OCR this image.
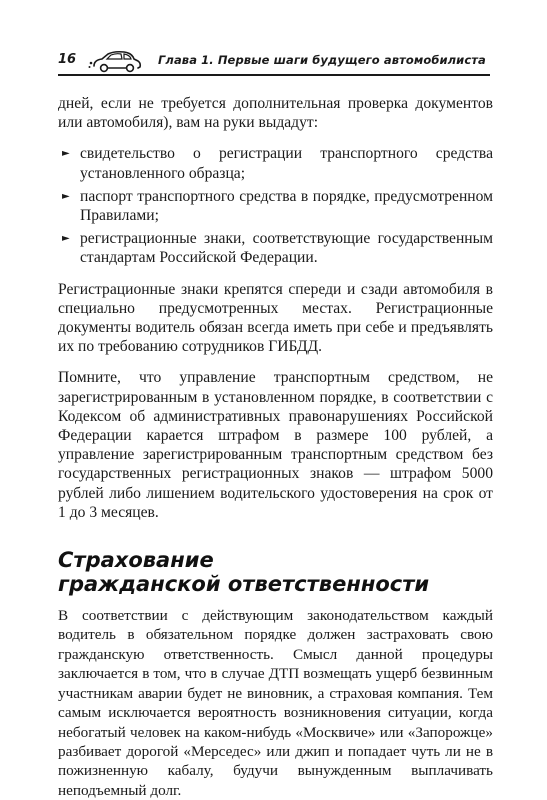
16	Глава 1. Первые шаги будущего автомобилиста

дней, если не требуется дополнительная проверка документов или автомобиля), вам на руки выдадут:

► свидетельство о регистрации транспортного средства установленного образца;
► паспорт транспортного средства в порядке, предусмотренном Правилами;
► регистрационные знаки, соответствующие государственным стандартам Российской Федерации.

Регистрационные знаки крепятся спереди и сзади автомобиля в специально предусмотренных местах. Регистрационные документы водитель обязан всегда иметь при себе и предъявлять их по требованию сотрудников ГИБДД.

Помните, что управление транспортным средством, не зарегистрированным в установленном порядке, в соответствии с Кодексом об административных правонарушениях Российской Федерации карается штрафом в размере 100 рублей, а управление зарегистрированным транспортным средством без государственных регистрационных знаков — штрафом 5000 рублей либо лишением водительского удостоверения на срок от 1 до 3 месяцев.

Страхование
гражданской ответственности

В соответствии с действующим законодательством каждый водитель в обязательном порядке должен застраховать свою гражданскую ответственность. Смысл данной процедуры заключается в том, что в случае ДТП возмещать ущерб безвинным участникам аварии будет не виновник, а страховая компания. Тем самым исключается вероятность возникновения ситуации, когда небогатый человек на каком-нибудь «Москвиче» или «Запорожце» разбивает дорогой «Мерседес» или джип и попадает чуть ли не в пожизненную кабалу, будучи вынужденным выплачивать неподъемный долг.
